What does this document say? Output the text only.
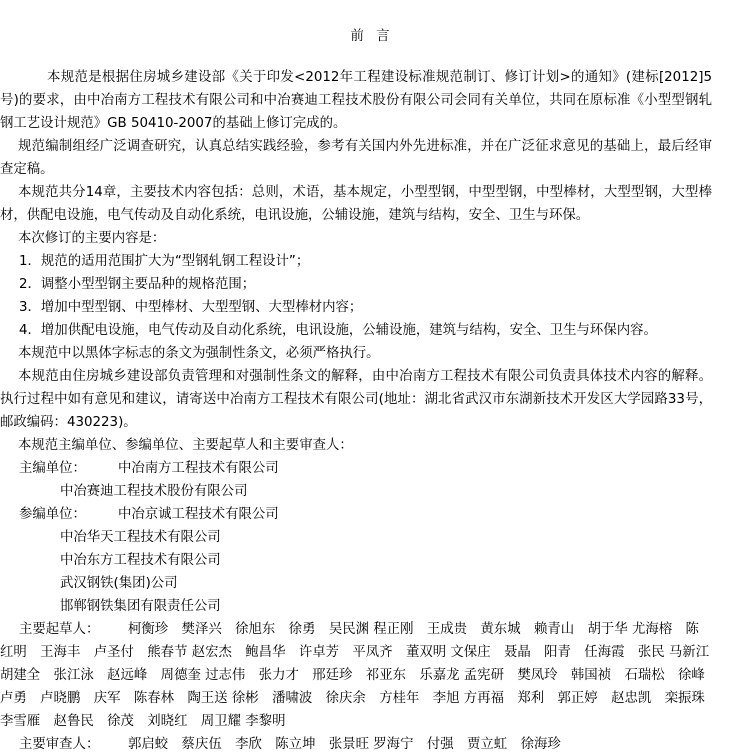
前 言

本规范是根据住房城乡建设部《关于印发<2012年工程建设标准规范制订、修订计划>的通知》(建标[2012]5号)的要求，由中冶南方工程技术有限公司和中冶赛迪工程技术股份有限公司会同有关单位，共同在原标准《小型型钢轧钢工艺设计规范》GB 50410-2007的基础上修订完成的。

规范编制组经广泛调查研究，认真总结实践经验，参考有关国内外先进标准，并在广泛征求意见的基础上，最后经审查定稿。

本规范共分14章，主要技术内容包括：总则，术语，基本规定，小型型钢，中型型钢，中型棒材，大型型钢，大型棒材，供配电设施，电气传动及自动化系统，电讯设施，公辅设施，建筑与结构，安全、卫生与环保。

本次修订的主要内容是：

1．规范的适用范围扩大为“型钢轧钢工程设计”；

2．调整小型型钢主要品种的规格范围；

3．增加中型型钢、中型棒材、大型型钢、大型棒材内容；

4．增加供配电设施，电气传动及自动化系统，电讯设施，公辅设施，建筑与结构，安全、卫生与环保内容。

本规范中以黑体字标志的条文为强制性条文，必须严格执行。

本规范由住房城乡建设部负责管理和对强制性条文的解释，由中冶南方工程技术有限公司负责具体技术内容的解释。执行过程中如有意见和建议，请寄送中冶南方工程技术有限公司(地址：湖北省武汉市东湖新技术开发区大学园路33号，邮政编码：430223)。

本规范主编单位、参编单位、主要起草人和主要审查人：

主编单位：	中冶南方工程技术有限公司

中冶赛迪工程技术股份有限公司

参编单位：	中冶京诚工程技术有限公司

中冶华天工程技术有限公司

中冶东方工程技术有限公司

武汉钢铁(集团)公司

邯郸钢铁集团有限责任公司

主要起草人： 柯衡珍　樊泽兴　徐旭东　徐勇　吴民渊 程正刚　王成贵　黄东城　赖青山　胡于华 尤海榕　陈红明　王海丰　卢圣付　熊春节 赵宏杰　鲍昌华　许卓芳　平凤齐　董双明 文保庄　聂晶　阳青　任海霞　张民 马新江　胡建全　张江泳　赵远峰　周德奎 过志伟　张力才　邢廷珍　祁亚东　乐嘉龙 孟宪研　樊凤玲　韩国祯　石瑞松　徐峰 卢勇　卢晓鹏　庆军　陈春林　陶王送 徐彬　潘啸波　徐庆余　方桂年　李旭 方再福　郑利　郭正婷　赵忠凯　栾振珠 李雪雁　赵鲁民　徐茂　刘晓红　周卫耀 李黎明

主要审查人： 郭启蛟　蔡庆伍　李欣　陈立坤　张景旺 罗海宁　付强　贾立虹　徐海珍
